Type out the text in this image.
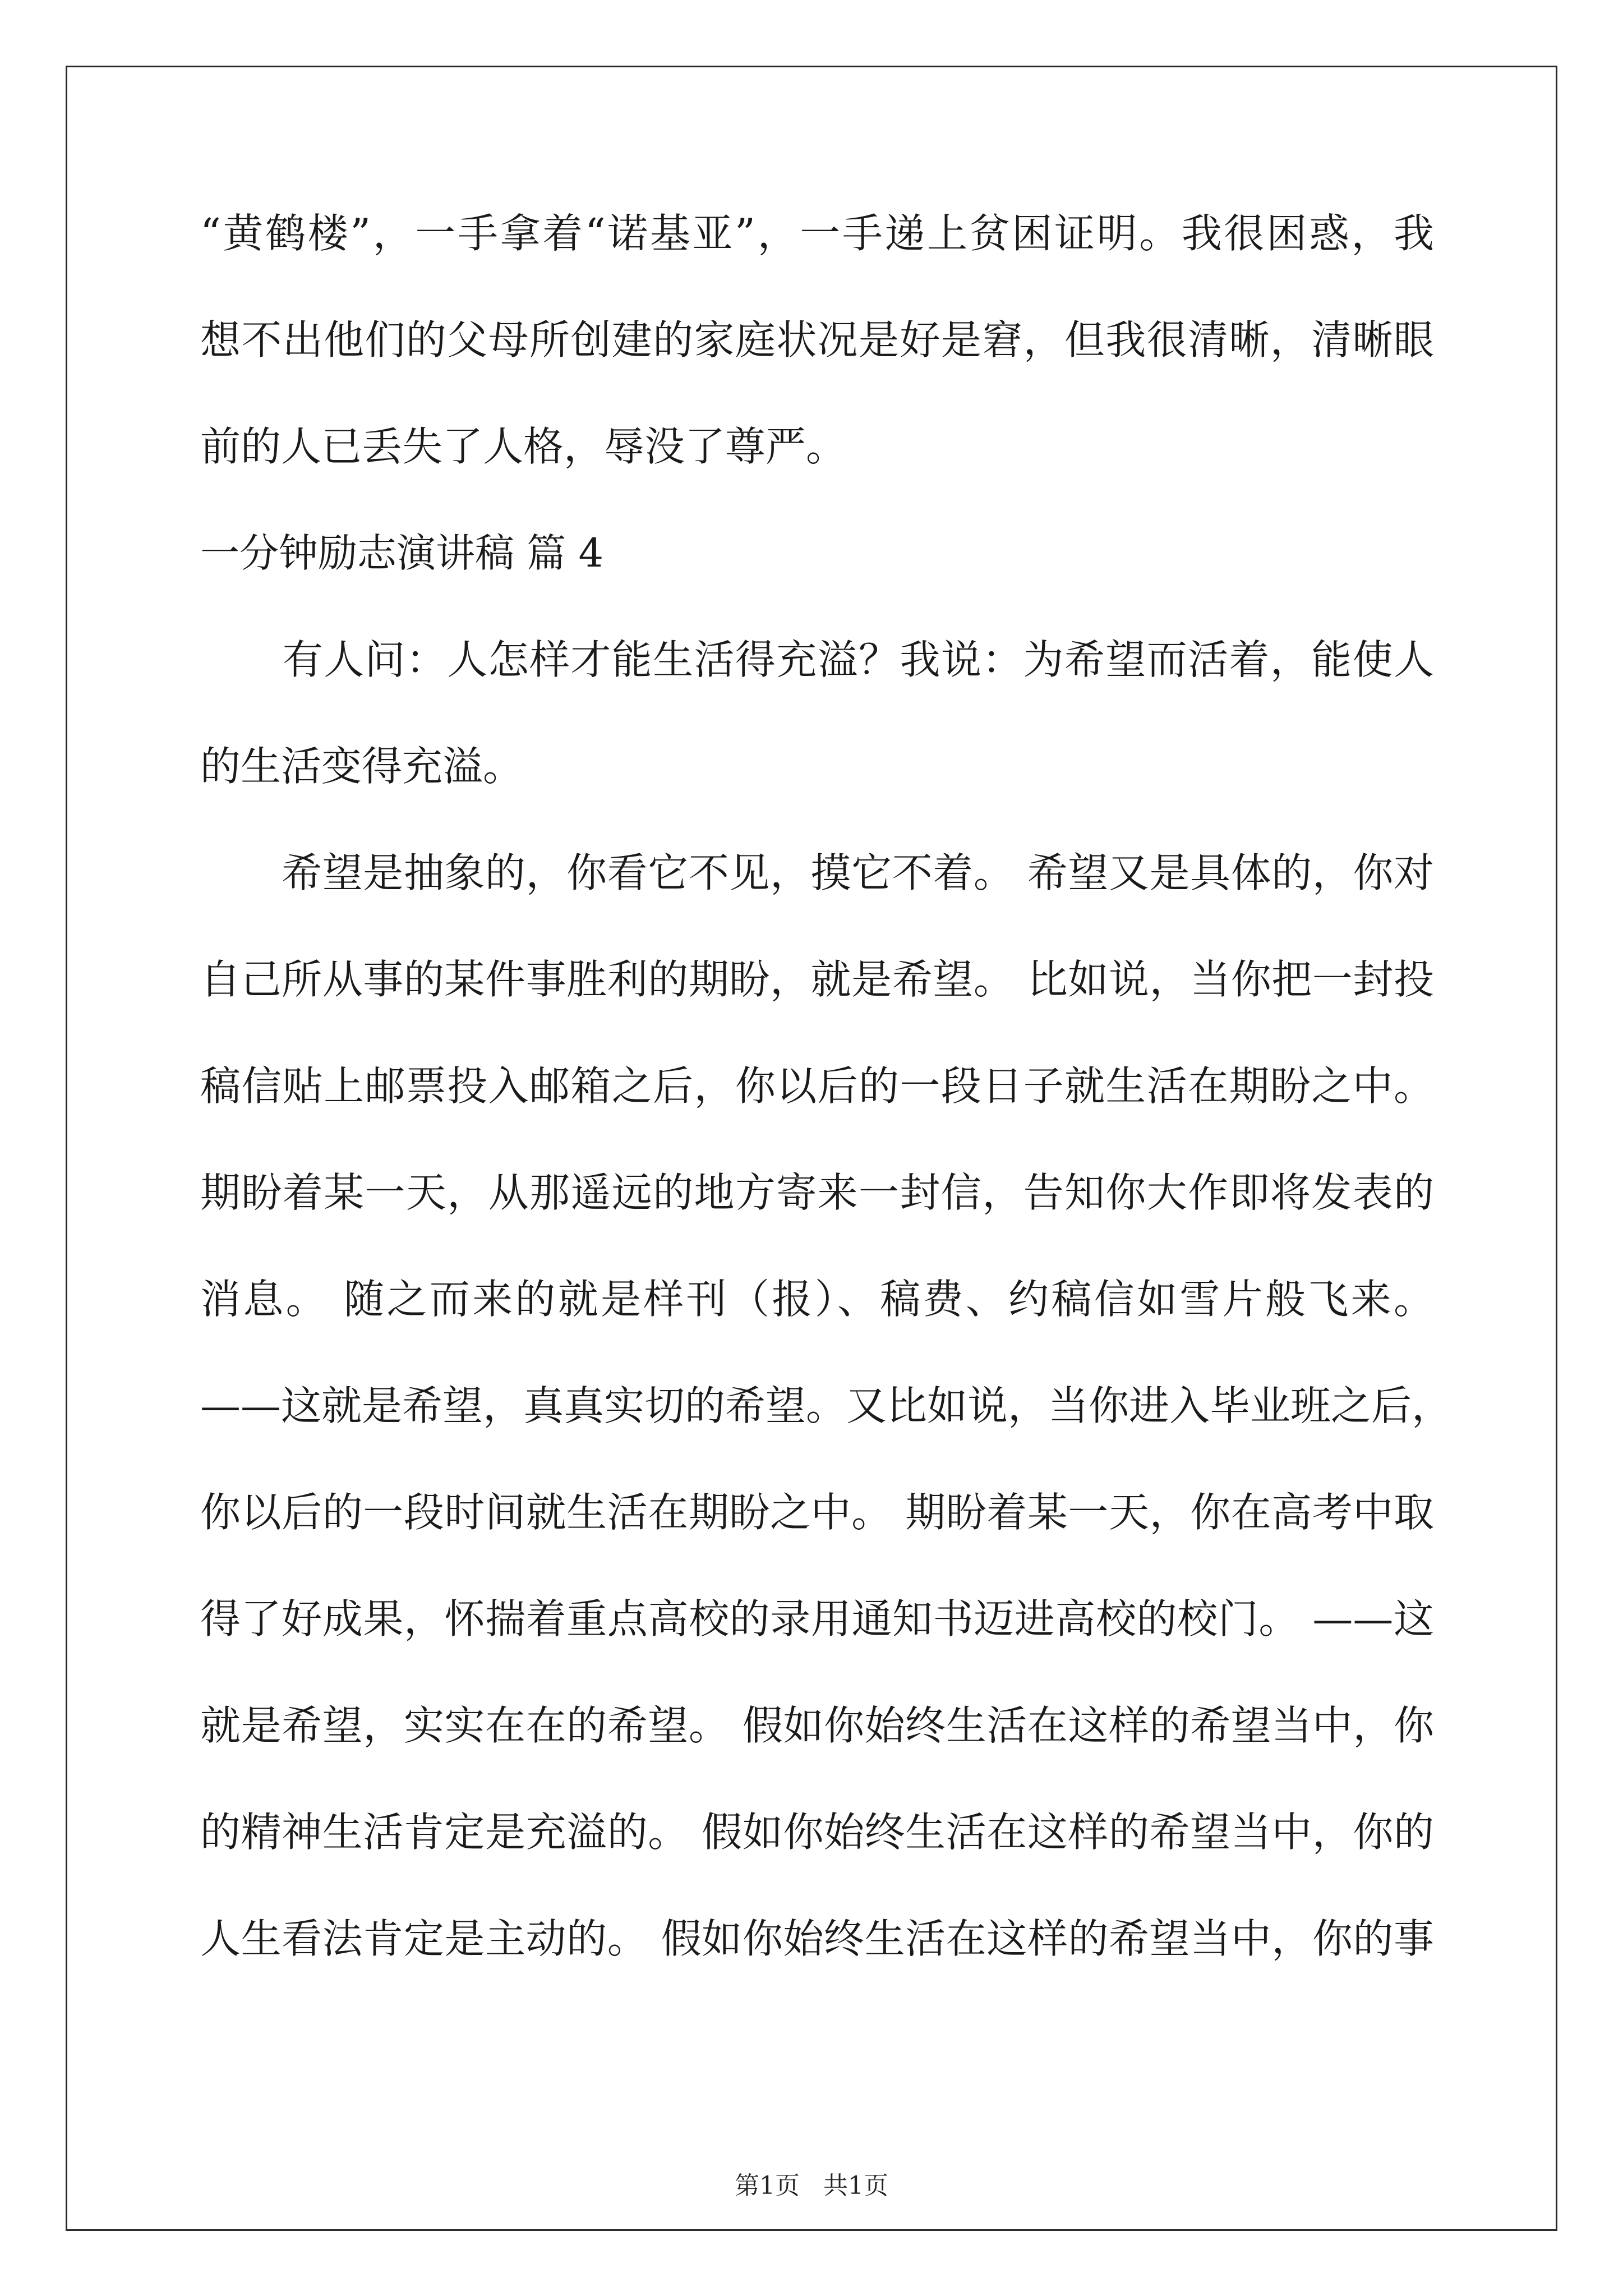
“黄鹤楼”，一手拿着“诺基亚”，一手递上贫困证明。我很困惑，我
想不出他们的父母所创建的家庭状况是好是窘，但我很清晰，清晰眼
前的人已丢失了人格，辱没了尊严。
一分钟励志演讲稿 篇 4
　　有人问：人怎样才能生活得充溢？我说：为希望而活着，能使人
的生活变得充溢。
　　希望是抽象的，你看它不见，摸它不着。 希望又是具体的，你对
自己所从事的某件事胜利的期盼，就是希望。 比如说，当你把一封投
稿信贴上邮票投入邮箱之后，你以后的一段日子就生活在期盼之中。
期盼着某一天，从那遥远的地方寄来一封信，告知你大作即将发表的
消息。 随之而来的就是样刊（报）、稿费、约稿信如雪片般飞来。
——这就是希望，真真实切的希望。又比如说，当你进入毕业班之后，
你以后的一段时间就生活在期盼之中。 期盼着某一天，你在高考中取
得了好成果，怀揣着重点高校的录用通知书迈进高校的校门。 ——这
就是希望，实实在在的希望。 假如你始终生活在这样的希望当中，你
的精神生活肯定是充溢的。 假如你始终生活在这样的希望当中，你的
人生看法肯定是主动的。 假如你始终生活在这样的希望当中，你的事
第1页 共1页
